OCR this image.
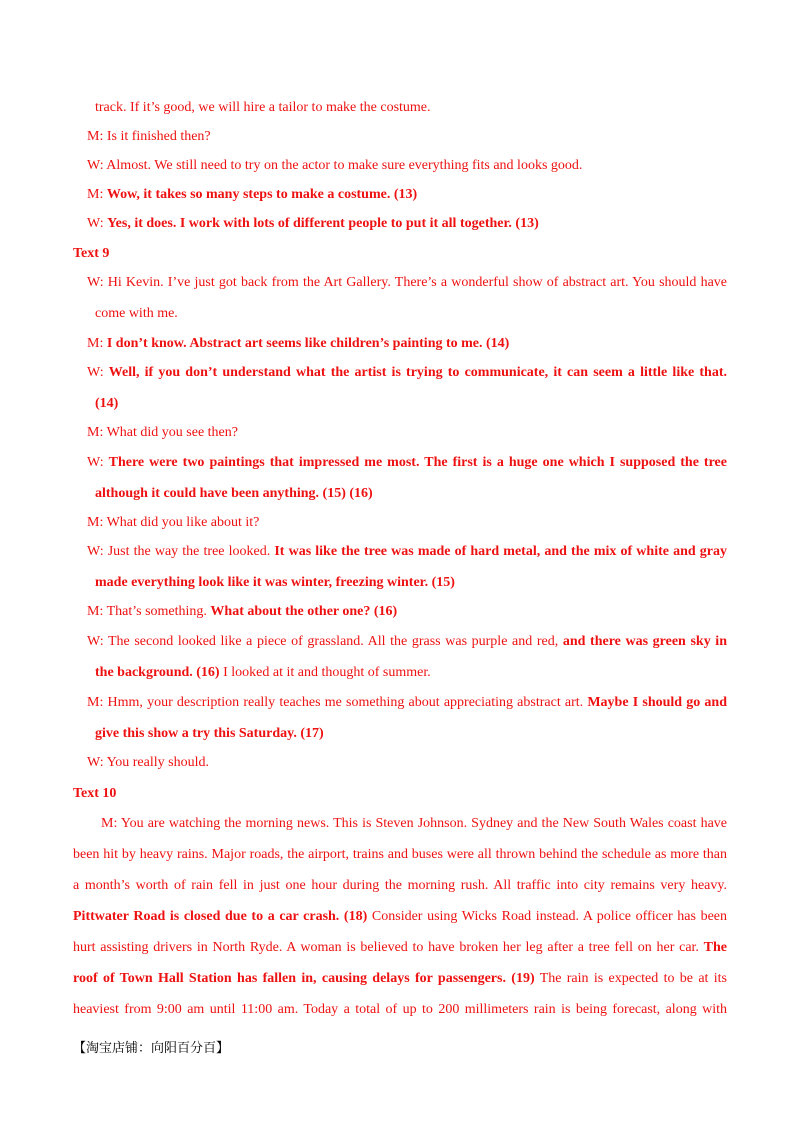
track. If it’s good, we will hire a tailor to make the costume.
M: Is it finished then?
W: Almost. We still need to try on the actor to make sure everything fits and looks good.
M: Wow, it takes so many steps to make a costume. (13)
W: Yes, it does. I work with lots of different people to put it all together. (13)
Text 9
W: Hi Kevin. I’ve just got back from the Art Gallery. There’s a wonderful show of abstract art. You should have
come with me.
M: I don’t know. Abstract art seems like children’s painting to me. (14)
W: Well, if you don’t understand what the artist is trying to communicate, it can seem a little like that.
(14)
M: What did you see then?
W: There were two paintings that impressed me most. The first is a huge one which I supposed the tree
although it could have been anything. (15) (16)
M: What did you like about it?
W: Just the way the tree looked. It was like the tree was made of hard metal, and the mix of white and gray
made everything look like it was winter, freezing winter. (15)
M: That’s something. What about the other one? (16)
W: The second looked like a piece of grassland. All the grass was purple and red, and there was green sky in
the background. (16) I looked at it and thought of summer.
M: Hmm, your description really teaches me something about appreciating abstract art. Maybe I should go and
give this show a try this Saturday. (17)
W: You really should.
Text 10
M: You are watching the morning news. This is Steven Johnson. Sydney and the New South Wales coast have
been hit by heavy rains. Major roads, the airport, trains and buses were all thrown behind the schedule as more than
a month’s worth of rain fell in just one hour during the morning rush. All traffic into city remains very heavy.
Pittwater Road is closed due to a car crash. (18) Consider using Wicks Road instead. A police officer has been
hurt assisting drivers in North Ryde. A woman is believed to have broken her leg after a tree fell on her car. The
roof of Town Hall Station has fallen in, causing delays for passengers. (19) The rain is expected to be at its
heaviest from 9:00 am until 11:00 am. Today a total of up to 200 millimeters rain is being forecast, along with
【淘宝店铺：向阳百分百】
